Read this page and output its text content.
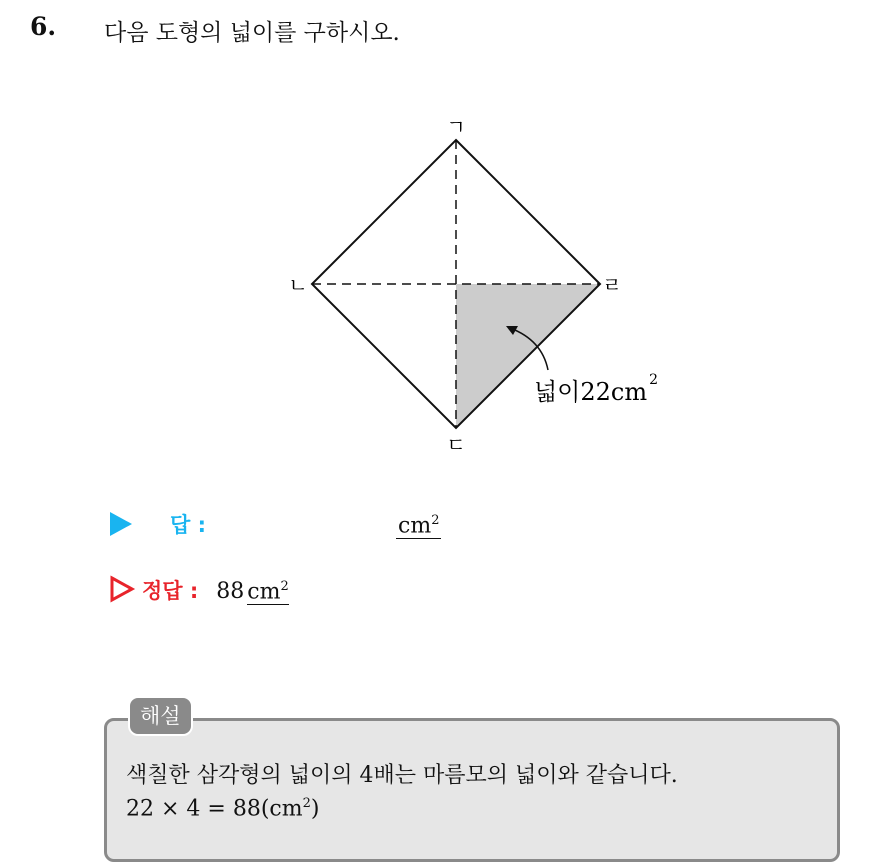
6. 다음 도형의 넓이를 구하시오.
ㄱ
ㄴ
ㄷ
ㄹ
넓이22cm 2
답 :	$cm^2$
정답 : 88 $cm^2$
해설
색칠한 삼각형의 넓이의 4배는 마름모의 넓이와 같습니다.
$22 \times 4 = 88(cm^2)$
